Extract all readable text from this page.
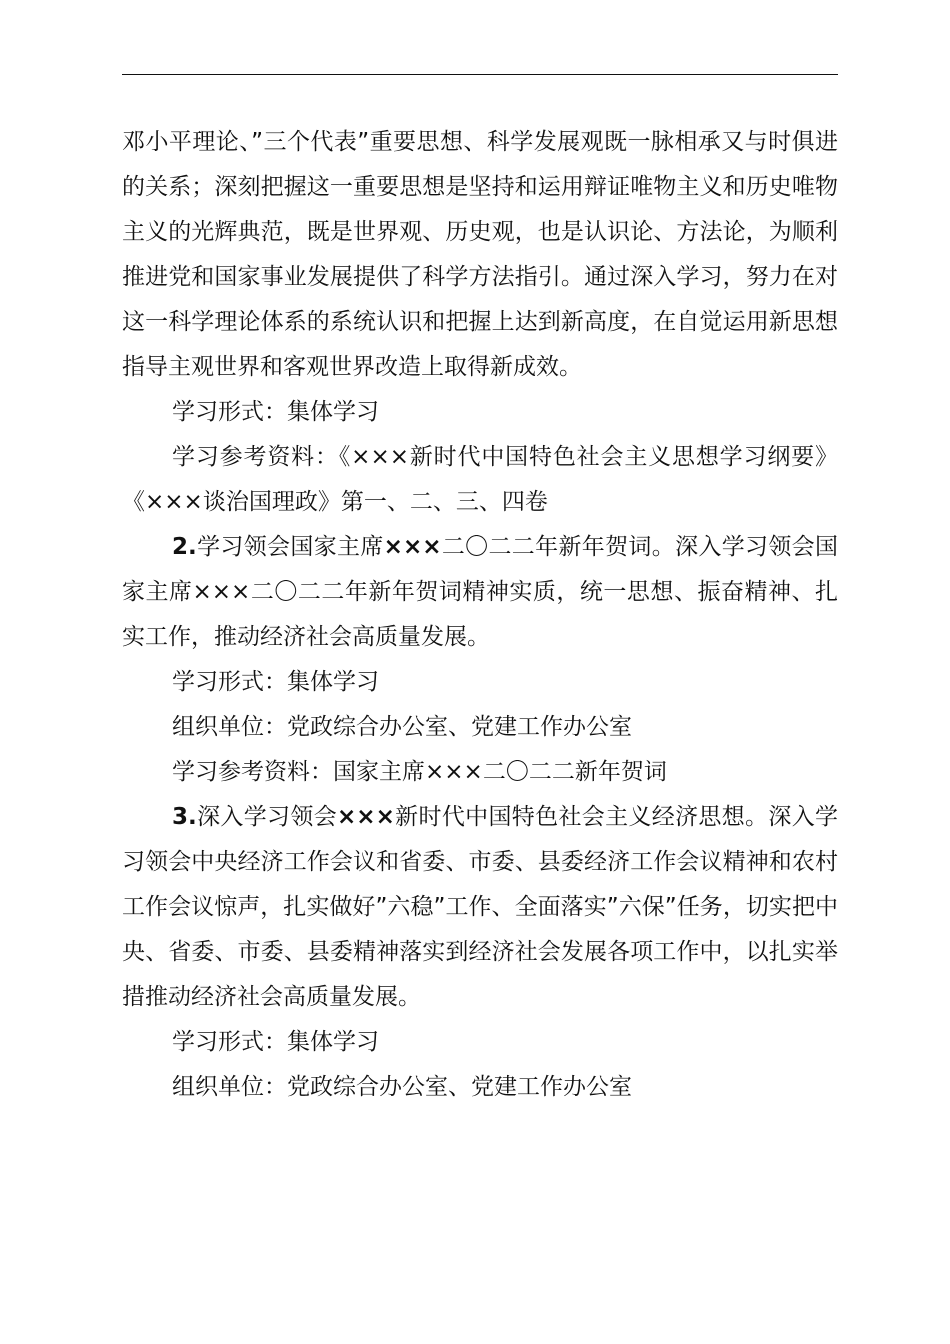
邓小平理论、”三个代表”重要思想、科学发展观既一脉相承又与时俱进的关系；深刻把握这一重要思想是坚持和运用辩证唯物主义和历史唯物主义的光辉典范，既是世界观、历史观，也是认识论、方法论，为顺利推进党和国家事业发展提供了科学方法指引。通过深入学习，努力在对这一科学理论体系的系统认识和把握上达到新高度，在自觉运用新思想指导主观世界和客观世界改造上取得新成效。

学习形式：集体学习

学习参考资料：《×××新时代中国特色社会主义思想学习纲要》《×××谈治国理政》第一、二、三、四卷

2.学习领会国家主席×××二〇二二年新年贺词。深入学习领会国家主席×××二〇二二年新年贺词精神实质，统一思想、振奋精神、扎实工作，推动经济社会高质量发展。

学习形式：集体学习

组织单位：党政综合办公室、党建工作办公室

学习参考资料：国家主席×××二〇二二新年贺词

3.深入学习领会×××新时代中国特色社会主义经济思想。深入学习领会中央经济工作会议和省委、市委、县委经济工作会议精神和农村工作会议惊声，扎实做好”六稳”工作、全面落实”六保”任务，切实把中央、省委、市委、县委精神落实到经济社会发展各项工作中，以扎实举措推动经济社会高质量发展。

学习形式：集体学习

组织单位：党政综合办公室、党建工作办公室
